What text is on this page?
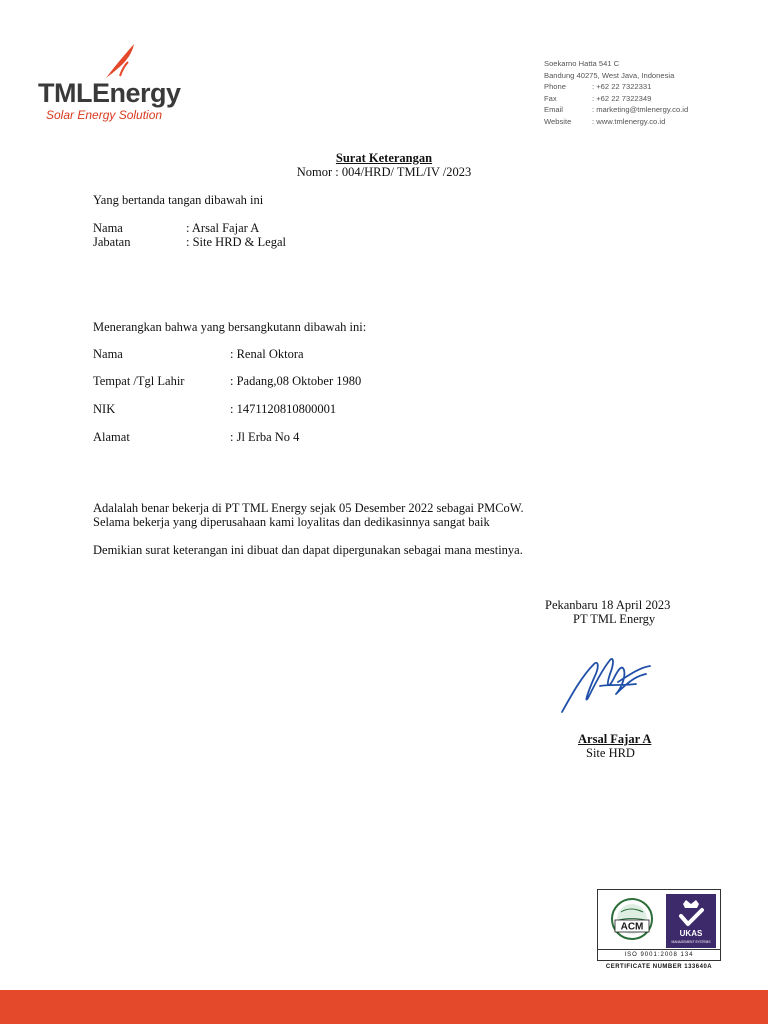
TMLEnergy
Solar Energy Solution
Soekarno Hatta 541 C
Bandung 40275, West Java, Indonesia
Phone	: +62 22 7322331
Fax	: +62 22 7322349
Email	: marketing@tmlenergy.co.id
Website	: www.tmlenergy.co.id
Surat Keterangan
Nomor : 004/HRD/ TML/IV /2023
Yang bertanda tangan dibawah ini
Nama	: Arsal Fajar A
Jabatan	: Site HRD & Legal
Menerangkan bahwa yang bersangkutann dibawah ini:
Nama	: Renal Oktora
Tempat /Tgl Lahir	: Padang,08 Oktober 1980
NIK	: 1471120810800001
Alamat	: Jl Erba No 4
Adalalah benar bekerja di PT TML Energy sejak 05 Desember 2022 sebagai PMCoW.
Selama bekerja yang diperusahaan kami loyalitas dan dedikasinnya sangat baik
Demikian surat keterangan ini dibuat dan dapat dipergunakan sebagai mana mestinya.
Pekanbaru 18 April 2023
PT TML Energy
Arsal Fajar A
Site HRD
ACM
UKAS
MANAGEMENT SYSTEMS
ISO 9001:2008 134
CERTIFICATE NUMBER 133640A
